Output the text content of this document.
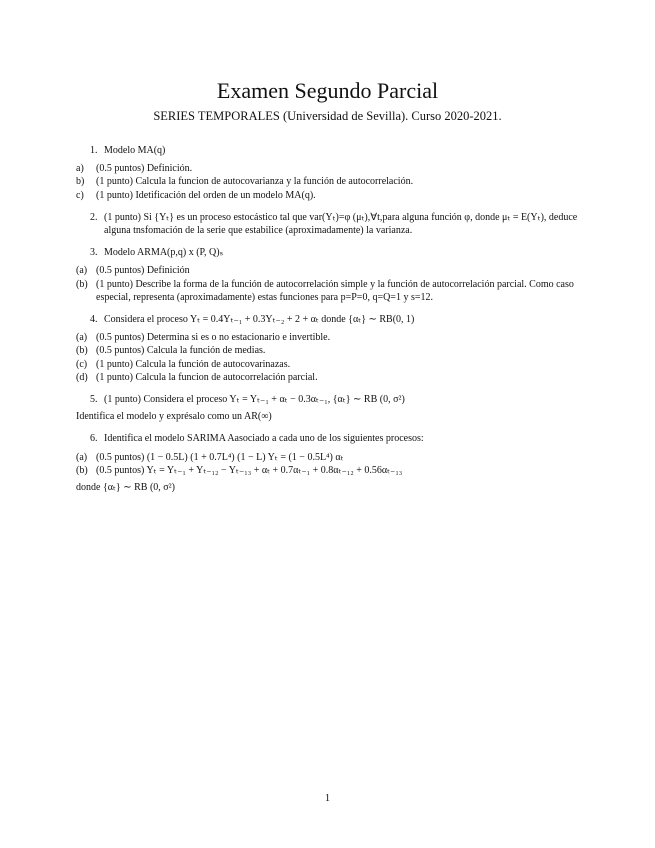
Examen Segundo Parcial
SERIES TEMPORALES (Universidad de Sevilla). Curso 2020-2021.
1. Modelo MA(q)
a) (0.5 puntos) Definición.
b) (1 punto) Calcula la funcion de autocovarianza y la función de autocorrelación.
c) (1 punto) Idetificación del orden de un modelo MA(q).
2. (1 punto) Si {Yₜ} es un proceso estocástico tal que var(Yₜ)=φ (μₜ),∀t,para alguna función φ, donde μₜ = E(Yₜ), deduce alguna tnsfomación de la serie que estabilice (aproximadamente) la varianza.
3. Modelo ARMA(p,q) x (P, Q)ₛ
(a) (0.5 puntos) Definición
(b) (1 punto) Describe la forma de la función de autocorrelación simple y la función de autocorrelación parcial. Como caso especial, representa (aproximadamente) estas funciones para p=P=0, q=Q=1 y s=12.
4. Considera el proceso Yₜ = 0.4Yₜ₋₁ + 0.3Yₜ₋₂ + 2 + αₜ donde {αₜ} ∼ RB(0, 1)
(a) (0.5 puntos) Determina si es o no estacionario e invertible.
(b) (0.5 puntos) Calcula la función de medias.
(c) (1 punto) Calcula la función de autocovarinazas.
(d) (1 punto) Calcula la funcion de autocorrelación parcial.
5. (1 punto) Considera el proceso Yₜ = Yₜ₋₁ + αₜ − 0.3αₜ₋₁, {αₜ} ∼ RB (0, σ²)
Identifica el modelo y exprésalo como un AR(∞)
6. Identifica el modelo SARIMA Aasociado a cada uno de los siguientes procesos:
(a) (0.5 puntos) (1 − 0.5L) (1 + 0.7L⁴) (1 − L) Yₜ = (1 − 0.5L⁴) αₜ
(b) (0.5 puntos) Yₜ = Yₜ₋₁ + Yₜ₋₁₂ − Yₜ₋₁₃ + αₜ + 0.7αₜ₋₁ + 0.8αₜ₋₁₂ + 0.56αₜ₋₁₃
donde {αₜ} ∼ RB (0, σ²)
1
